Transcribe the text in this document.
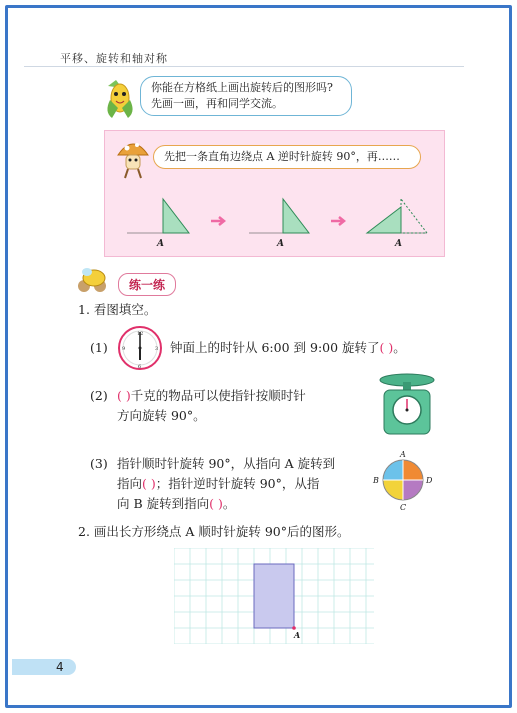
平移、旋转和轴对称
你能在方格纸上画出旋转后的图形吗?先画一画，再和同学交流。
先把一条直角边绕点 A 逆时针旋转 90°，再……
A	A	A
练一练
1. 看图填空。
(1)
12
3
6
9	钟面上的时针从 6:00 到 9:00 旋转了( )。
(2) ( )千克的物品可以使指针按顺时针
方向旋转 90°。
(3) 指针顺时针旋转 90°，从指向 A 旋转到
指向( )；指针逆时针旋转 90°，从指
向 B 旋转到指向( )。
A
B
C
D
2. 画出长方形绕点 A 顺时针旋转 90°后的图形。
A
4
